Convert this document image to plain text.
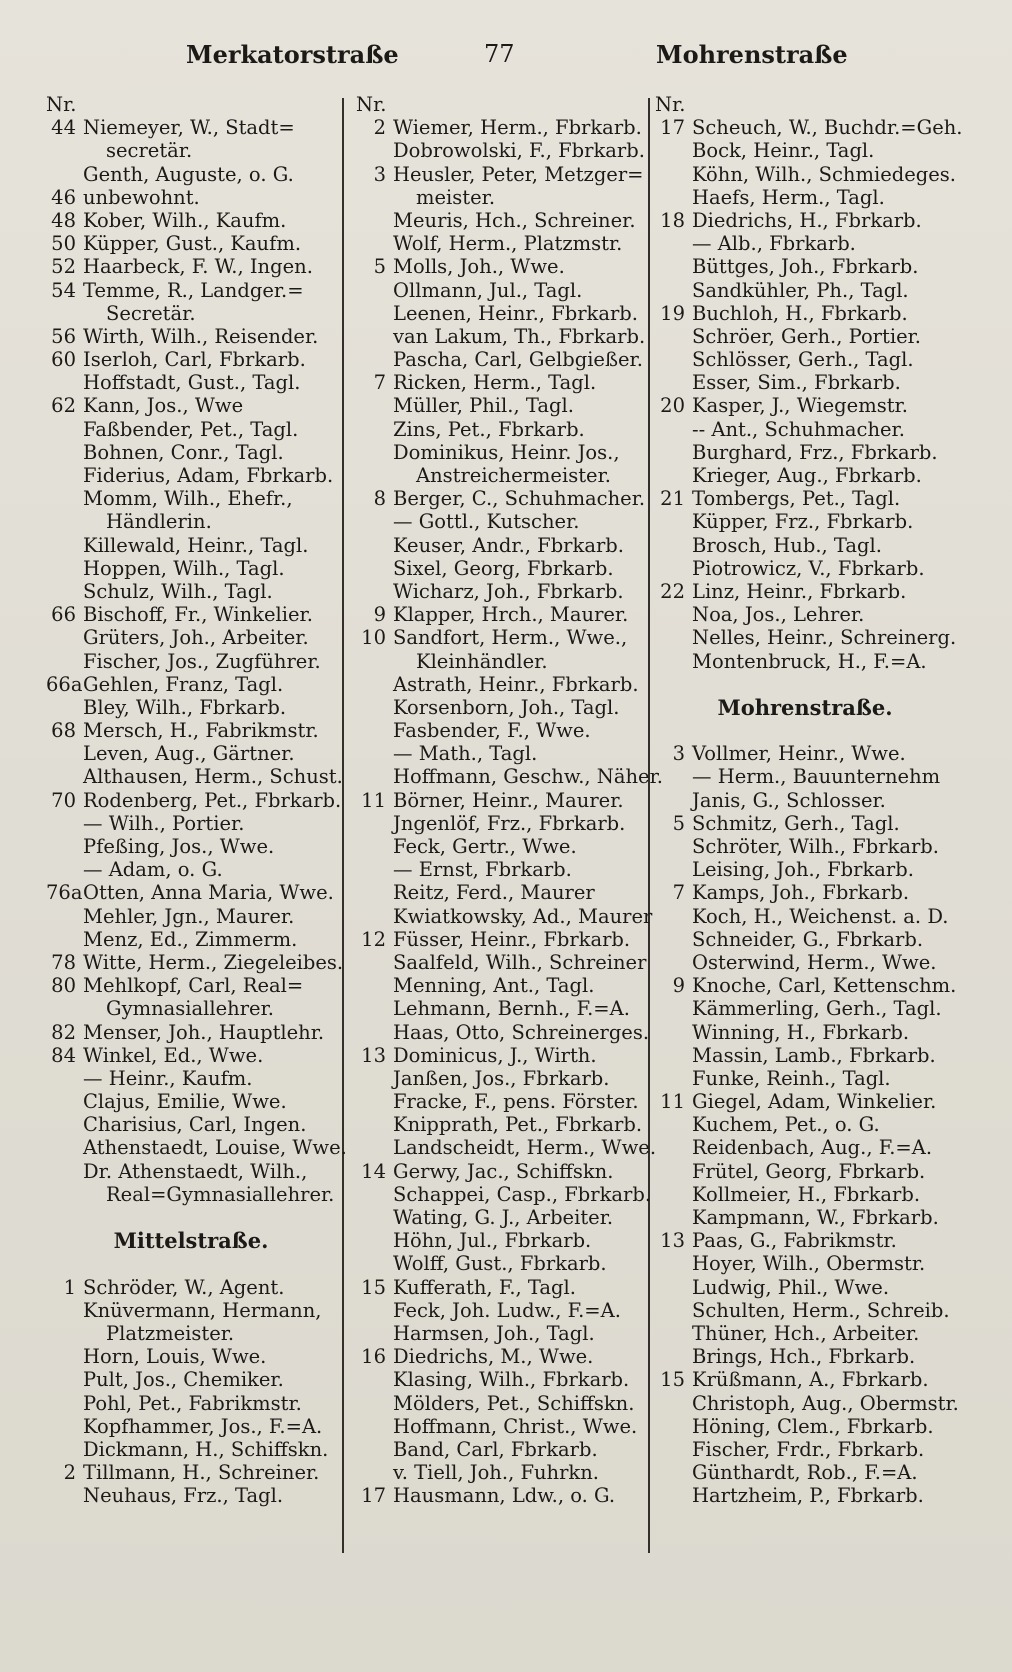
Merkatorstraße	77	Mohrenstraße
Nr.
44 Niemeyer, W., Stadt=
secretär.
Genth, Auguste, o. G.
46 unbewohnt.
48 Kober, Wilh., Kaufm.
50 Küpper, Gust., Kaufm.
52 Haarbeck, F. W., Ingen.
54 Temme, R., Landger.=
Secretär.
56 Wirth, Wilh., Reisender.
60 Iserloh, Carl, Fbrkarb.
Hoffstadt, Gust., Tagl.
62 Kann, Jos., Wwe
Faßbender, Pet., Tagl.
Bohnen, Conr., Tagl.
Fiderius, Adam, Fbrkarb.
Momm, Wilh., Ehefr.,
Händlerin.
Killewald, Heinr., Tagl.
Hoppen, Wilh., Tagl.
Schulz, Wilh., Tagl.
66 Bischoff, Fr., Winkelier.
Grüters, Joh., Arbeiter.
Fischer, Jos., Zugführer.
66a Gehlen, Franz, Tagl.
Bley, Wilh., Fbrkarb.
68 Mersch, H., Fabrikmstr.
Leven, Aug., Gärtner.
Althausen, Herm., Schust.
70 Rodenberg, Pet., Fbrkarb.
— Wilh., Portier.
Pfeßing, Jos., Wwe.
— Adam, o. G.
76a Otten, Anna Maria, Wwe.
Mehler, Jgn., Maurer.
Menz, Ed., Zimmerm.
78 Witte, Herm., Ziegeleibes.
80 Mehlkopf, Carl, Real=
Gymnasiallehrer.
82 Menser, Joh., Hauptlehr.
84 Winkel, Ed., Wwe.
— Heinr., Kaufm.
Clajus, Emilie, Wwe.
Charisius, Carl, Ingen.
Athenstaedt, Louise, Wwe.
Dr. Athenstaedt, Wilh.,
Real=Gymnasiallehrer.
Mittelstraße.
1 Schröder, W., Agent.
Knüvermann, Hermann,
Platzmeister.
Horn, Louis, Wwe.
Pult, Jos., Chemiker.
Pohl, Pet., Fabrikmstr.
Kopfhammer, Jos., F.=A.
Dickmann, H., Schiffskn.
2 Tillmann, H., Schreiner.
Neuhaus, Frz., Tagl.
Nr.
2 Wiemer, Herm., Fbrkarb.
Dobrowolski, F., Fbrkarb.
3 Heusler, Peter, Metzger=
meister.
Meuris, Hch., Schreiner.
Wolf, Herm., Platzmstr.
5 Molls, Joh., Wwe.
Ollmann, Jul., Tagl.
Leenen, Heinr., Fbrkarb.
van Lakum, Th., Fbrkarb.
Pascha, Carl, Gelbgießer.
7 Ricken, Herm., Tagl.
Müller, Phil., Tagl.
Zins, Pet., Fbrkarb.
Dominikus, Heinr. Jos.,
Anstreichermeister.
8 Berger, C., Schuhmacher.
— Gottl., Kutscher.
Keuser, Andr., Fbrkarb.
Sixel, Georg, Fbrkarb.
Wicharz, Joh., Fbrkarb.
9 Klapper, Hrch., Maurer.
10 Sandfort, Herm., Wwe.,
Kleinhändler.
Astrath, Heinr., Fbrkarb.
Korsenborn, Joh., Tagl.
Fasbender, F., Wwe.
— Math., Tagl.
Hoffmann, Geschw., Näher.
11 Börner, Heinr., Maurer.
Jngenlöf, Frz., Fbrkarb.
Feck, Gertr., Wwe.
— Ernst, Fbrkarb.
Reitz, Ferd., Maurer
Kwiatkowsky, Ad., Maurer
12 Füsser, Heinr., Fbrkarb.
Saalfeld, Wilh., Schreiner
Menning, Ant., Tagl.
Lehmann, Bernh., F.=A.
Haas, Otto, Schreinerges.
13 Dominicus, J., Wirth.
Janßen, Jos., Fbrkarb.
Fracke, F., pens. Förster.
Knipprath, Pet., Fbrkarb.
Landscheidt, Herm., Wwe.
14 Gerwy, Jac., Schiffskn.
Schappei, Casp., Fbrkarb.
Wating, G. J., Arbeiter.
Höhn, Jul., Fbrkarb.
Wolff, Gust., Fbrkarb.
15 Kufferath, F., Tagl.
Feck, Joh. Ludw., F.=A.
Harmsen, Joh., Tagl.
16 Diedrichs, M., Wwe.
Klasing, Wilh., Fbrkarb.
Mölders, Pet., Schiffskn.
Hoffmann, Christ., Wwe.
Band, Carl, Fbrkarb.
v. Tiell, Joh., Fuhrkn.
17 Hausmann, Ldw., o. G.
Nr.
17 Scheuch, W., Buchdr.=Geh.
Bock, Heinr., Tagl.
Köhn, Wilh., Schmiedeges.
Haefs, Herm., Tagl.
18 Diedrichs, H., Fbrkarb.
— Alb., Fbrkarb.
Büttges, Joh., Fbrkarb.
Sandkühler, Ph., Tagl.
19 Buchloh, H., Fbrkarb.
Schröer, Gerh., Portier.
Schlösser, Gerh., Tagl.
Esser, Sim., Fbrkarb.
20 Kasper, J., Wiegemstr.
-- Ant., Schuhmacher.
Burghard, Frz., Fbrkarb.
Krieger, Aug., Fbrkarb.
21 Tombergs, Pet., Tagl.
Küpper, Frz., Fbrkarb.
Brosch, Hub., Tagl.
Piotrowicz, V., Fbrkarb.
22 Linz, Heinr., Fbrkarb.
Noa, Jos., Lehrer.
Nelles, Heinr., Schreinerg.
Montenbruck, H., F.=A.
Mohrenstraße.
3 Vollmer, Heinr., Wwe.
— Herm., Bauunternehm
Janis, G., Schlosser.
5 Schmitz, Gerh., Tagl.
Schröter, Wilh., Fbrkarb.
Leising, Joh., Fbrkarb.
7 Kamps, Joh., Fbrkarb.
Koch, H., Weichenst. a. D.
Schneider, G., Fbrkarb.
Osterwind, Herm., Wwe.
9 Knoche, Carl, Kettenschm.
Kämmerling, Gerh., Tagl.
Winning, H., Fbrkarb.
Massin, Lamb., Fbrkarb.
Funke, Reinh., Tagl.
11 Giegel, Adam, Winkelier.
Kuchem, Pet., o. G.
Reidenbach, Aug., F.=A.
Frütel, Georg, Fbrkarb.
Kollmeier, H., Fbrkarb.
Kampmann, W., Fbrkarb.
13 Paas, G., Fabrikmstr.
Hoyer, Wilh., Obermstr.
Ludwig, Phil., Wwe.
Schulten, Herm., Schreib.
Thüner, Hch., Arbeiter.
Brings, Hch., Fbrkarb.
15 Krüßmann, A., Fbrkarb.
Christoph, Aug., Obermstr.
Höning, Clem., Fbrkarb.
Fischer, Frdr., Fbrkarb.
Günthardt, Rob., F.=A.
Hartzheim, P., Fbrkarb.
